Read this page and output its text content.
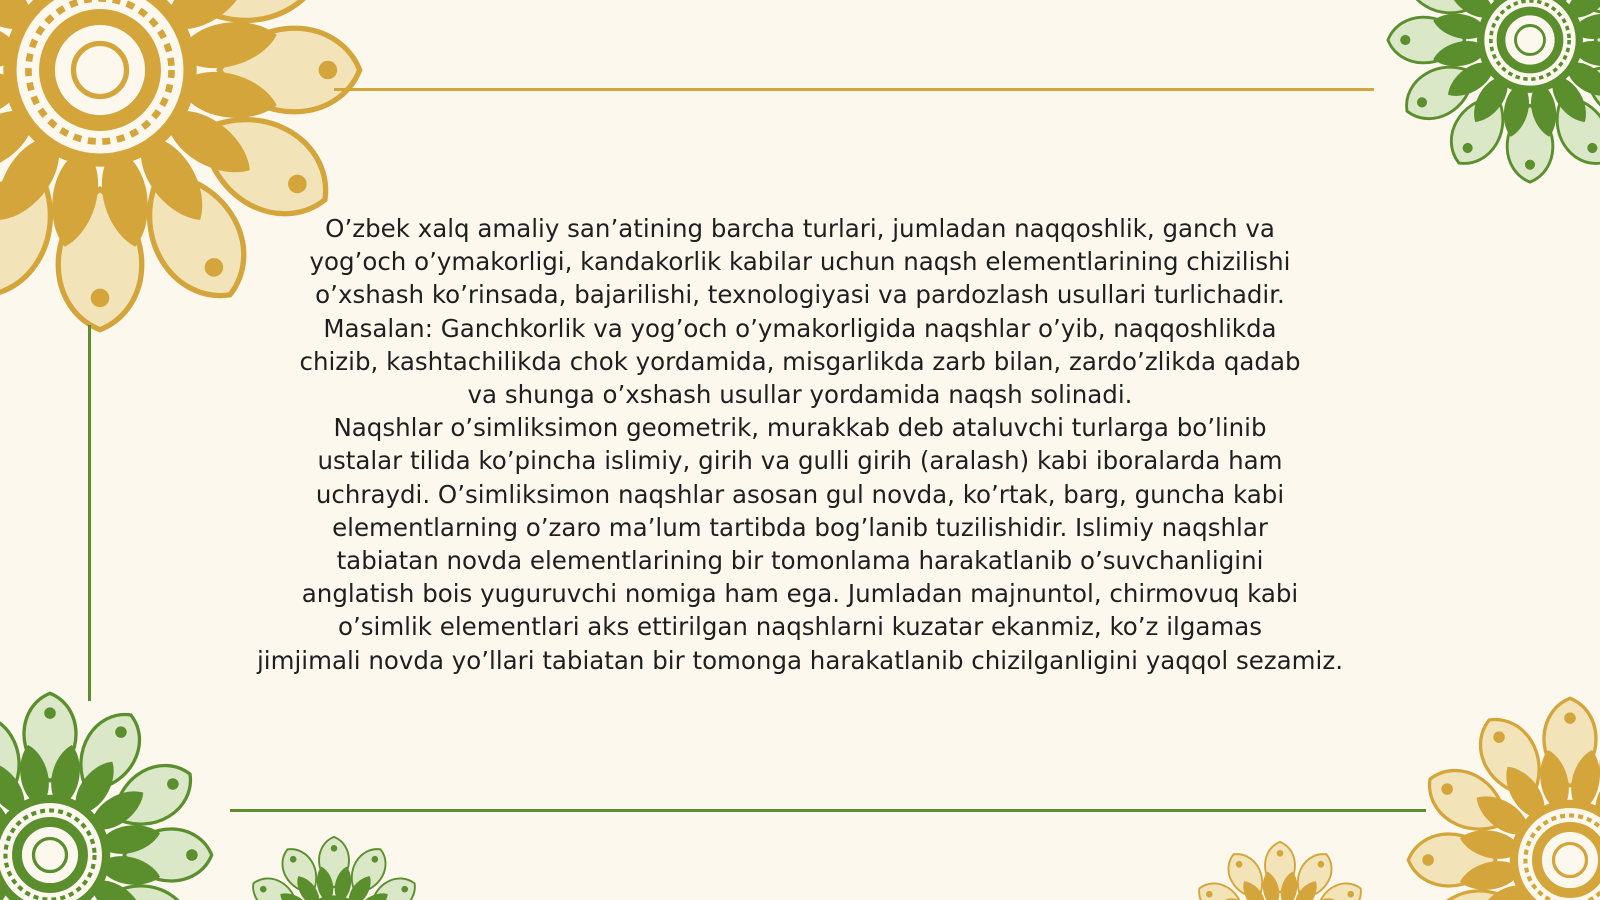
O’zbek xalq amaliy san’atining barcha turlari, jumladan naqqoshlik, ganch va
yog’och o’ymakorligi, kandakorlik kabilar uchun naqsh elementlarining chizilishi
o’xshash ko’rinsada, bajarilishi, texnologiyasi va pardozlash usullari turlichadir.
Masalan: Ganchkorlik va yog’och o’ymakorligida naqshlar o’yib, naqqoshlikda
chizib, kashtachilikda chok yordamida, misgarlikda zarb bilan, zardo’zlikda qadab
va shunga o’xshash usullar yordamida naqsh solinadi.

Naqshlar o’simliksimon geometrik, murakkab deb ataluvchi turlarga bo’linib
ustalar tilida ko’pincha islimiy, girih va gulli girih (aralash) kabi iboralarda ham
uchraydi. O’simliksimon naqshlar asosan gul novda, ko’rtak, barg, guncha kabi
elementlarning o’zaro ma’lum tartibda bog’lanib tuzilishidir. Islimiy naqshlar
tabiatan novda elementlarining bir tomonlama harakatlanib o’suvchanligini
anglatish bois yuguruvchi nomiga ham ega. Jumladan majnuntol, chirmovuq kabi
o’simlik elementlari aks ettirilgan naqshlarni kuzatar ekanmiz, ko’z ilgamas
jimjimali novda yo’llari tabiatan bir tomonga harakatlanib chizilganligini yaqqol sezamiz.
